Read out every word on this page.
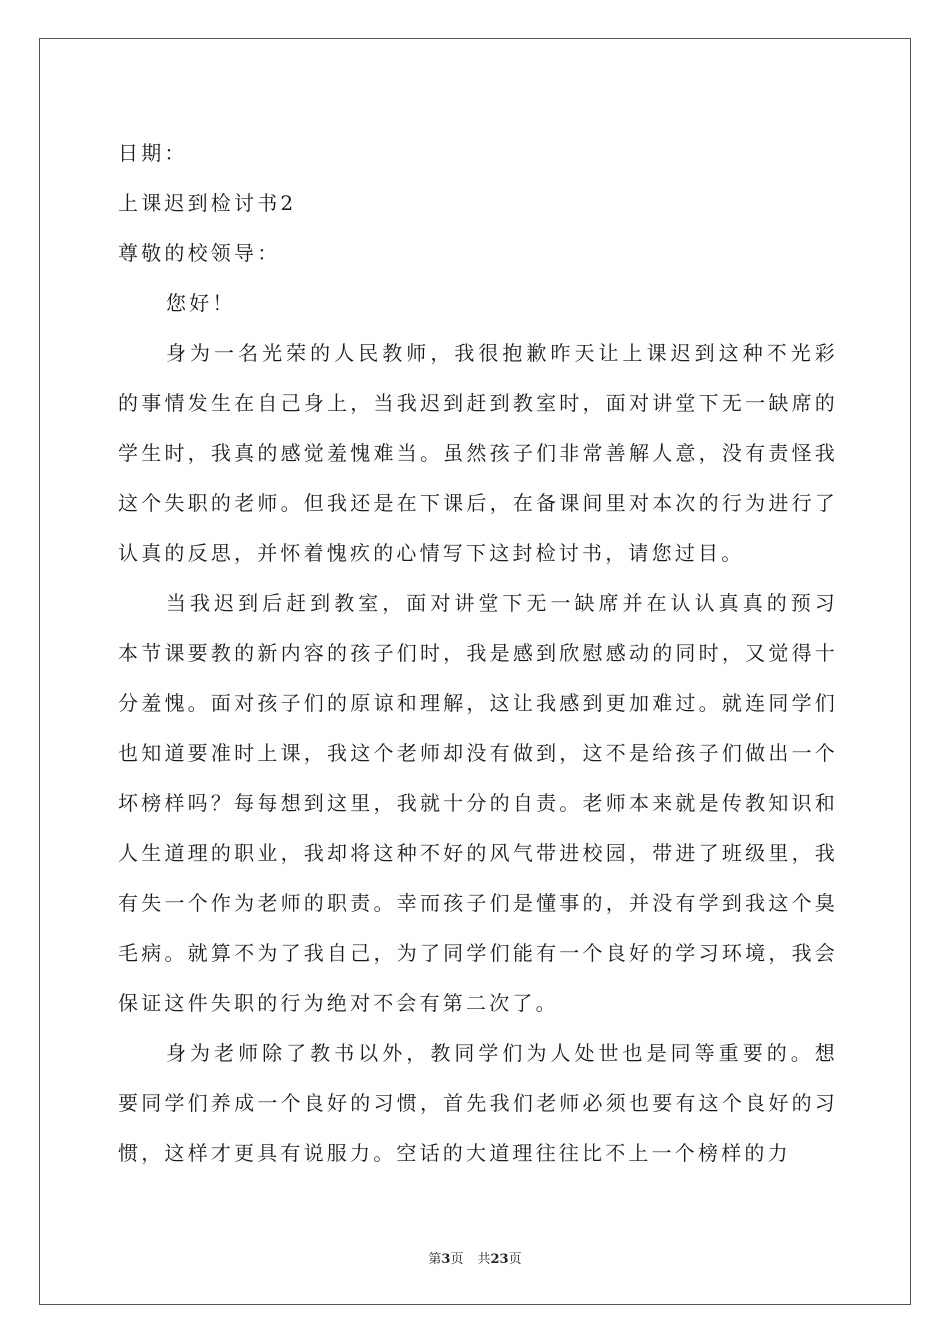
日期：
上课迟到检讨书2
尊敬的校领导：

您好！

身为一名光荣的人民教师，我很抱歉昨天让上课迟到这种不光彩的事情发生在自己身上，当我迟到赶到教室时，面对讲堂下无一缺席的学生时，我真的感觉羞愧难当。虽然孩子们非常善解人意，没有责怪我这个失职的老师。但我还是在下课后，在备课间里对本次的行为进行了认真的反思，并怀着愧疚的心情写下这封检讨书，请您过目。

当我迟到后赶到教室，面对讲堂下无一缺席并在认认真真的预习本节课要教的新内容的孩子们时，我是感到欣慰感动的同时，又觉得十分羞愧。面对孩子们的原谅和理解，这让我感到更加难过。就连同学们也知道要准时上课，我这个老师却没有做到，这不是给孩子们做出一个坏榜样吗？每每想到这里，我就十分的自责。老师本来就是传教知识和人生道理的职业，我却将这种不好的风气带进校园，带进了班级里，我有失一个作为老师的职责。幸而孩子们是懂事的，并没有学到我这个臭毛病。就算不为了我自己，为了同学们能有一个良好的学习环境，我会保证这件失职的行为绝对不会有第二次了。

身为老师除了教书以外，教同学们为人处世也是同等重要的。想要同学们养成一个良好的习惯，首先我们老师必须也要有这个良好的习惯，这样才更具有说服力。空话的大道理往往比不上一个榜样的力

第3页 共23页
